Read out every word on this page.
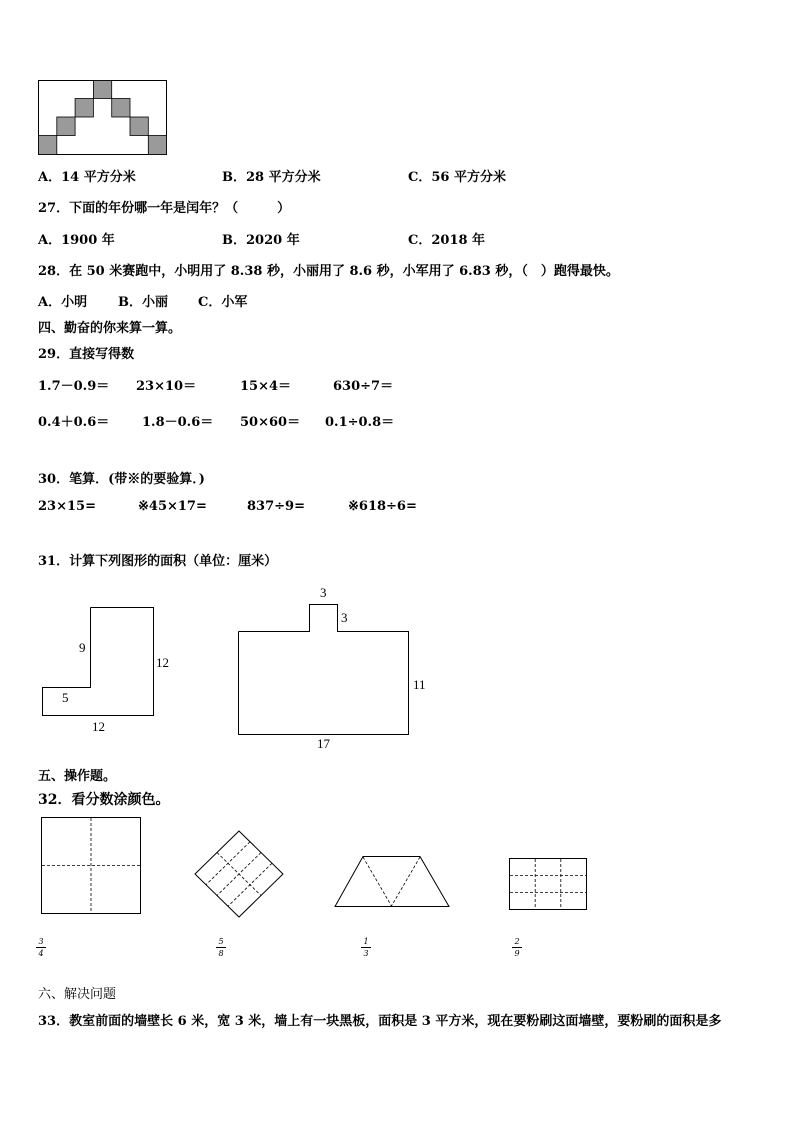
A．14 平方分米	B．28 平方分米	C．56 平方分米
27．下面的年份哪一年是闰年？（　　　）
A．1900 年	B．2020 年	C．2018 年
28．在 50 米赛跑中，小明用了 8.38 秒，小丽用了 8.6 秒，小军用了 6.83 秒，（　）跑得最快。
A．小明 B．小丽 C．小军
四、勤奋的你来算一算。
29．直接写得数
1.7－0.9＝ 23×10＝	15×4＝	630÷7＝
0.4＋0.6＝	1.8－0.6＝ 50×60＝ 0.1÷0.8＝
30．笔算．(带※的要验算．)
23×15=	※45×17=	837÷9=	※618÷6=
31．计算下列图形的面积（单位：厘米）
9
12
5
12
3
3
11
17
五、操作题。
32．看分数涂颜色。
3
4
5
8
1
3
2
9
六、解决问题
33．教室前面的墙壁长 6 米，宽 3 米，墙上有一块黑板，面积是 3 平方米，现在要粉刷这面墙壁，要粉刷的面积是多
